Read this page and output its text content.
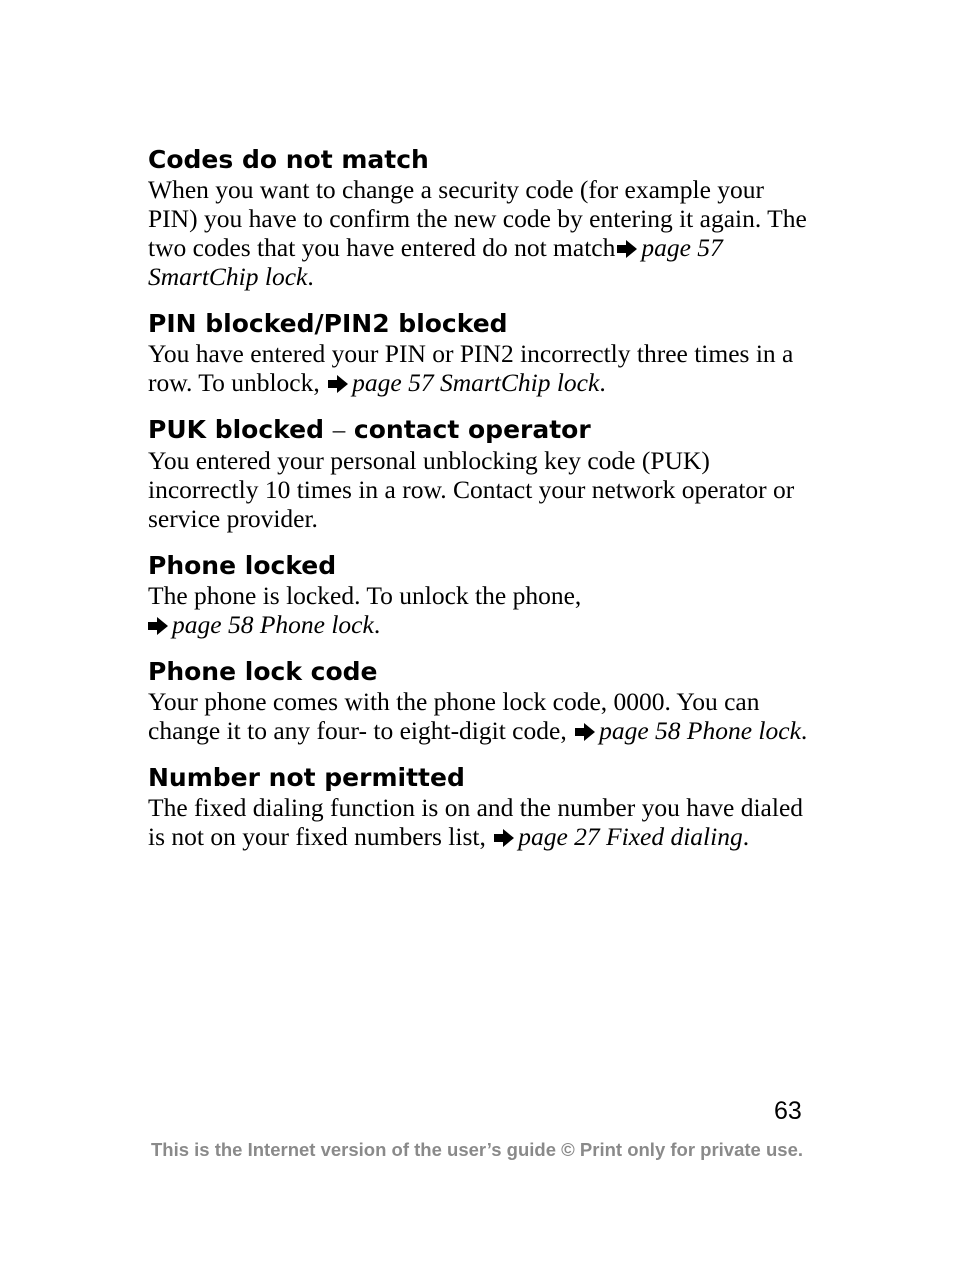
Codes do not match

When you want to change a security code (for example your PIN) you have to confirm the new code by entering it again. The two codes that you have entered do not match page 57 SmartChip lock.

PIN blocked/PIN2 blocked

You have entered your PIN or PIN2 incorrectly three times in a row. To unblock, page 57 SmartChip lock.

PUK blocked – contact operator

You entered your personal unblocking key code (PUK) incorrectly 10 times in a row. Contact your network operator or service provider.

Phone locked

The phone is locked. To unlock the phone,

page 58 Phone lock.

Phone lock code

Your phone comes with the phone lock code, 0000. You can change it to any four- to eight-digit code, page 58 Phone lock.

Number not permitted

The fixed dialing function is on and the number you have dialed is not on your fixed numbers list, page 27 Fixed dialing.

63
This is the Internet version of the user’s guide © Print only for private use.
